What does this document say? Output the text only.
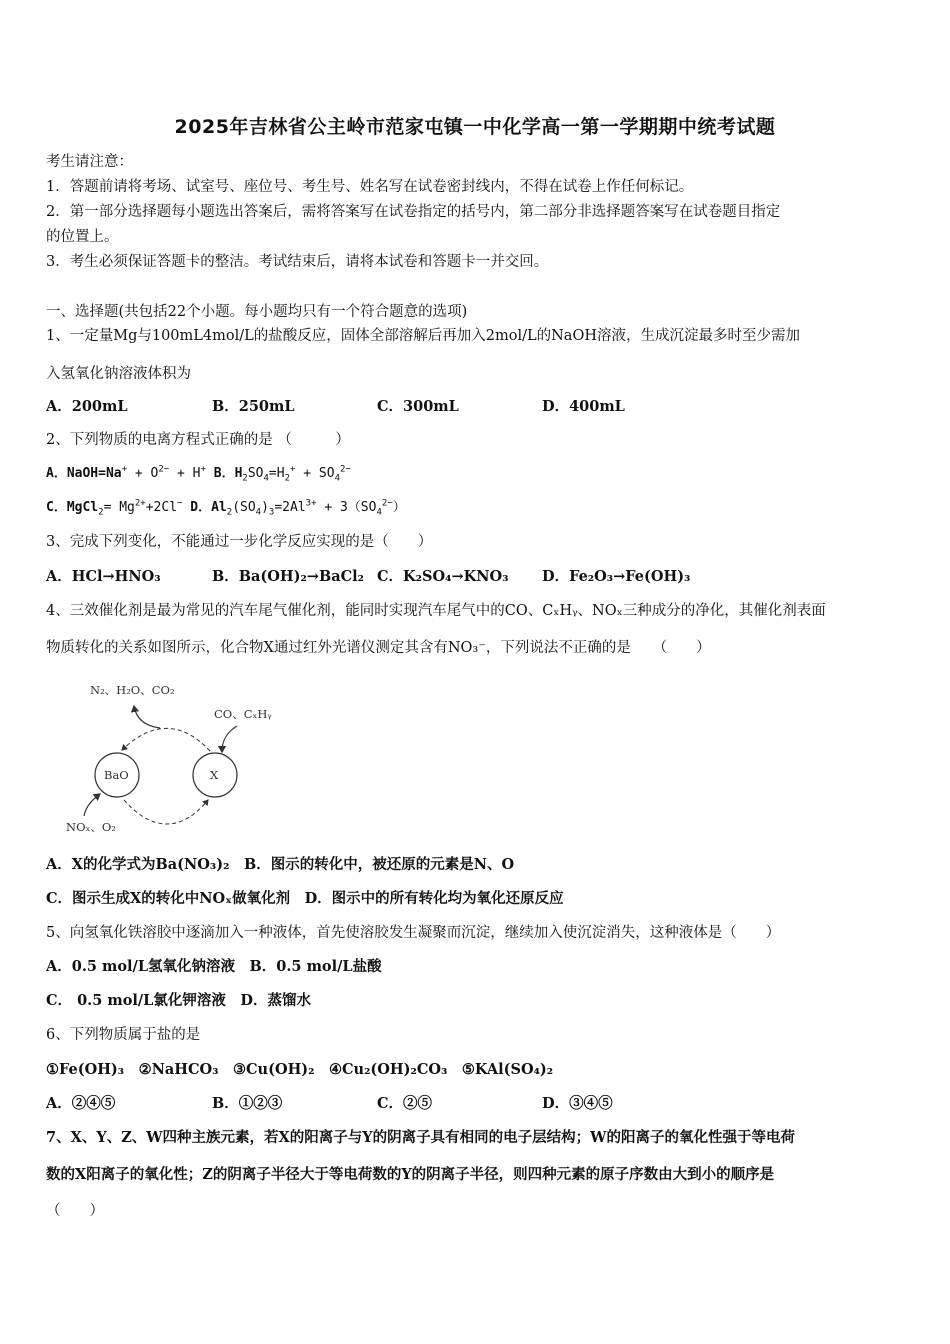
2025年吉林省公主岭市范家屯镇一中化学高一第一学期期中统考试题
考生请注意：
1．答题前请将考场、试室号、座位号、考生号、姓名写在试卷密封线内，不得在试卷上作任何标记。
2．第一部分选择题每小题选出答案后，需将答案写在试卷指定的括号内，第二部分非选择题答案写在试卷题目指定
的位置上。
3．考生必须保证答题卡的整洁。考试结束后，请将本试卷和答题卡一并交回。
一、选择题(共包括22个小题。每小题均只有一个符合题意的选项)
1、一定量Mg与100mL4mol/L的盐酸反应，固体全部溶解后再加入2mol/L的NaOH溶液，生成沉淀最多时至少需加
入氢氧化钠溶液体积为
A．200mL	B．250mL	C．300mL	D．400mL
2、下列物质的电离方程式正确的是 （　　　）
A．NaOH=Na+ + $O^{2-} + H^+$ B．$H_2SO_4=H_2^+ + SO_4^{2-}$
C．MgCl$_2$= $Mg^{2+}+2Cl^-$ D．$Al_2(SO_4)_3=2Al^{3+} + 3(SO_4^{2-})$
3、完成下列变化，不能通过一步化学反应实现的是（　　）
A．HCl→HNO₃	B．Ba(OH)₂→BaCl₂ C．K₂SO₄→KNO₃ D．Fe₂O₃→Fe(OH)₃
4、三效催化剂是最为常见的汽车尾气催化剂，能同时实现汽车尾气中的CO、CₓHᵧ、NOₓ三种成分的净化，其催化剂表面
物质转化的关系如图所示，化合物X通过红外光谱仪测定其含有NO₃⁻，下列说法不正确的是　　（　　）
N₂、H₂O、CO₂
CO、CₓHᵧ
BaO	X
NOₓ、O₂
A．X的化学式为Ba(NO₃)₂　B．图示的转化中，被还原的元素是N、O
C．图示生成X的转化中NOₓ做氧化剂　D．图示中的所有转化均为氧化还原反应
5、向氢氧化铁溶胶中逐滴加入一种液体，首先使溶胶发生凝聚而沉淀，继续加入使沉淀消失，这种液体是（　　）
A．0.5 mol/L氢氧化钠溶液　B．0.5 mol/L盐酸
C． 0.5 mol/L氯化钾溶液　D．蒸馏水
6、下列物质属于盐的是
①Fe(OH)₃　②NaHCO₃　③Cu(OH)₂　④Cu₂(OH)₂CO₃　⑤KAl(SO₄)₂
A．②④⑤	B．①②③	C．②⑤	D．③④⑤
7、X、Y、Z、W四种主族元素，若X的阳离子与Y的阴离子具有相同的电子层结构；W的阳离子的氧化性强于等电荷
数的X阳离子的氧化性；Z的阴离子半径大于等电荷数的Y的阴离子半径，则四种元素的原子序数由大到小的顺序是
（　　）
